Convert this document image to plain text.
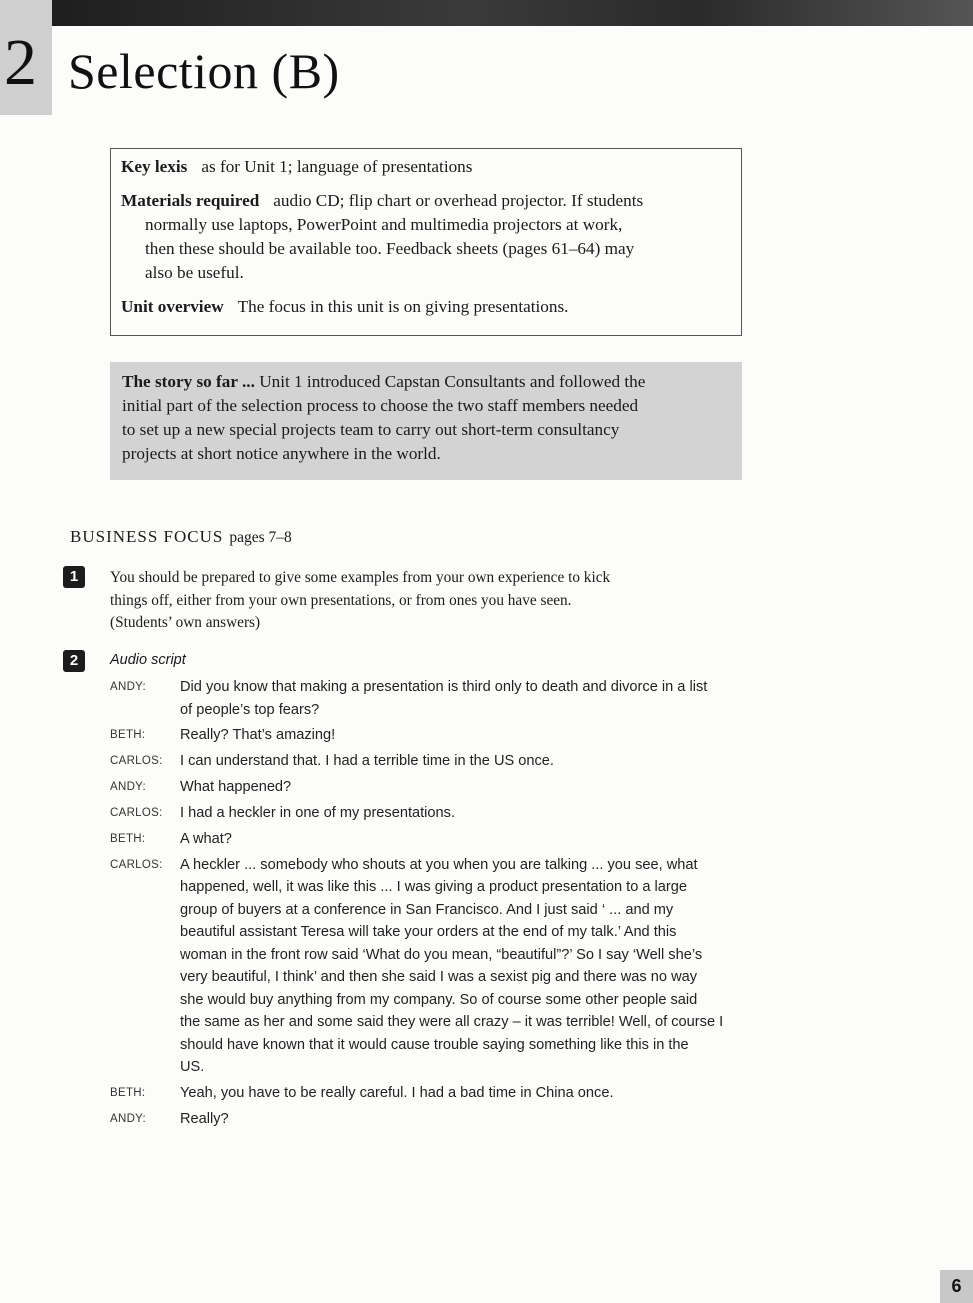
2 Selection (B)

Key lexis as for Unit 1; language of presentations

Materials required audio CD; flip chart or overhead projector. If students
normally use laptops, PowerPoint and multimedia projectors at work,
then these should be available too. Feedback sheets (pages 61–64) may
also be useful.

Unit overview The focus in this unit is on giving presentations.

The story so far ... Unit 1 introduced Capstan Consultants and followed the
initial part of the selection process to choose the two staff members needed
to set up a new special projects team to carry out short-term consultancy
projects at short notice anywhere in the world.
BUSINESS FOCUS pages 7–8
1	You should be prepared to give some examples from your own experience to kick
things off, either from your own presentations, or from ones you have seen.
(Students’ own answers)
2	Audio script
ANDY:	Did you know that making a presentation is third only to death and divorce in a list
of people’s top fears?
BETH:	Really? That’s amazing!
CARLOS:	I can understand that. I had a terrible time in the US once.
ANDY:	What happened?
CARLOS:	I had a heckler in one of my presentations.
BETH:	A what?
CARLOS:	A heckler ... somebody who shouts at you when you are talking ... you see, what
happened, well, it was like this ... I was giving a product presentation to a large
group of buyers at a conference in San Francisco. And I just said ‘ ... and my
beautiful assistant Teresa will take your orders at the end of my talk.’ And this
woman in the front row said ‘What do you mean, “beautiful”?’ So I say ‘Well she’s
very beautiful, I think’ and then she said I was a sexist pig and there was no way
she would buy anything from my company. So of course some other people said
the same as her and some said they were all crazy – it was terrible! Well, of course I
should have known that it would cause trouble saying something like this in the
US.
BETH:	Yeah, you have to be really careful. I had a bad time in China once.
ANDY:	Really?
6
